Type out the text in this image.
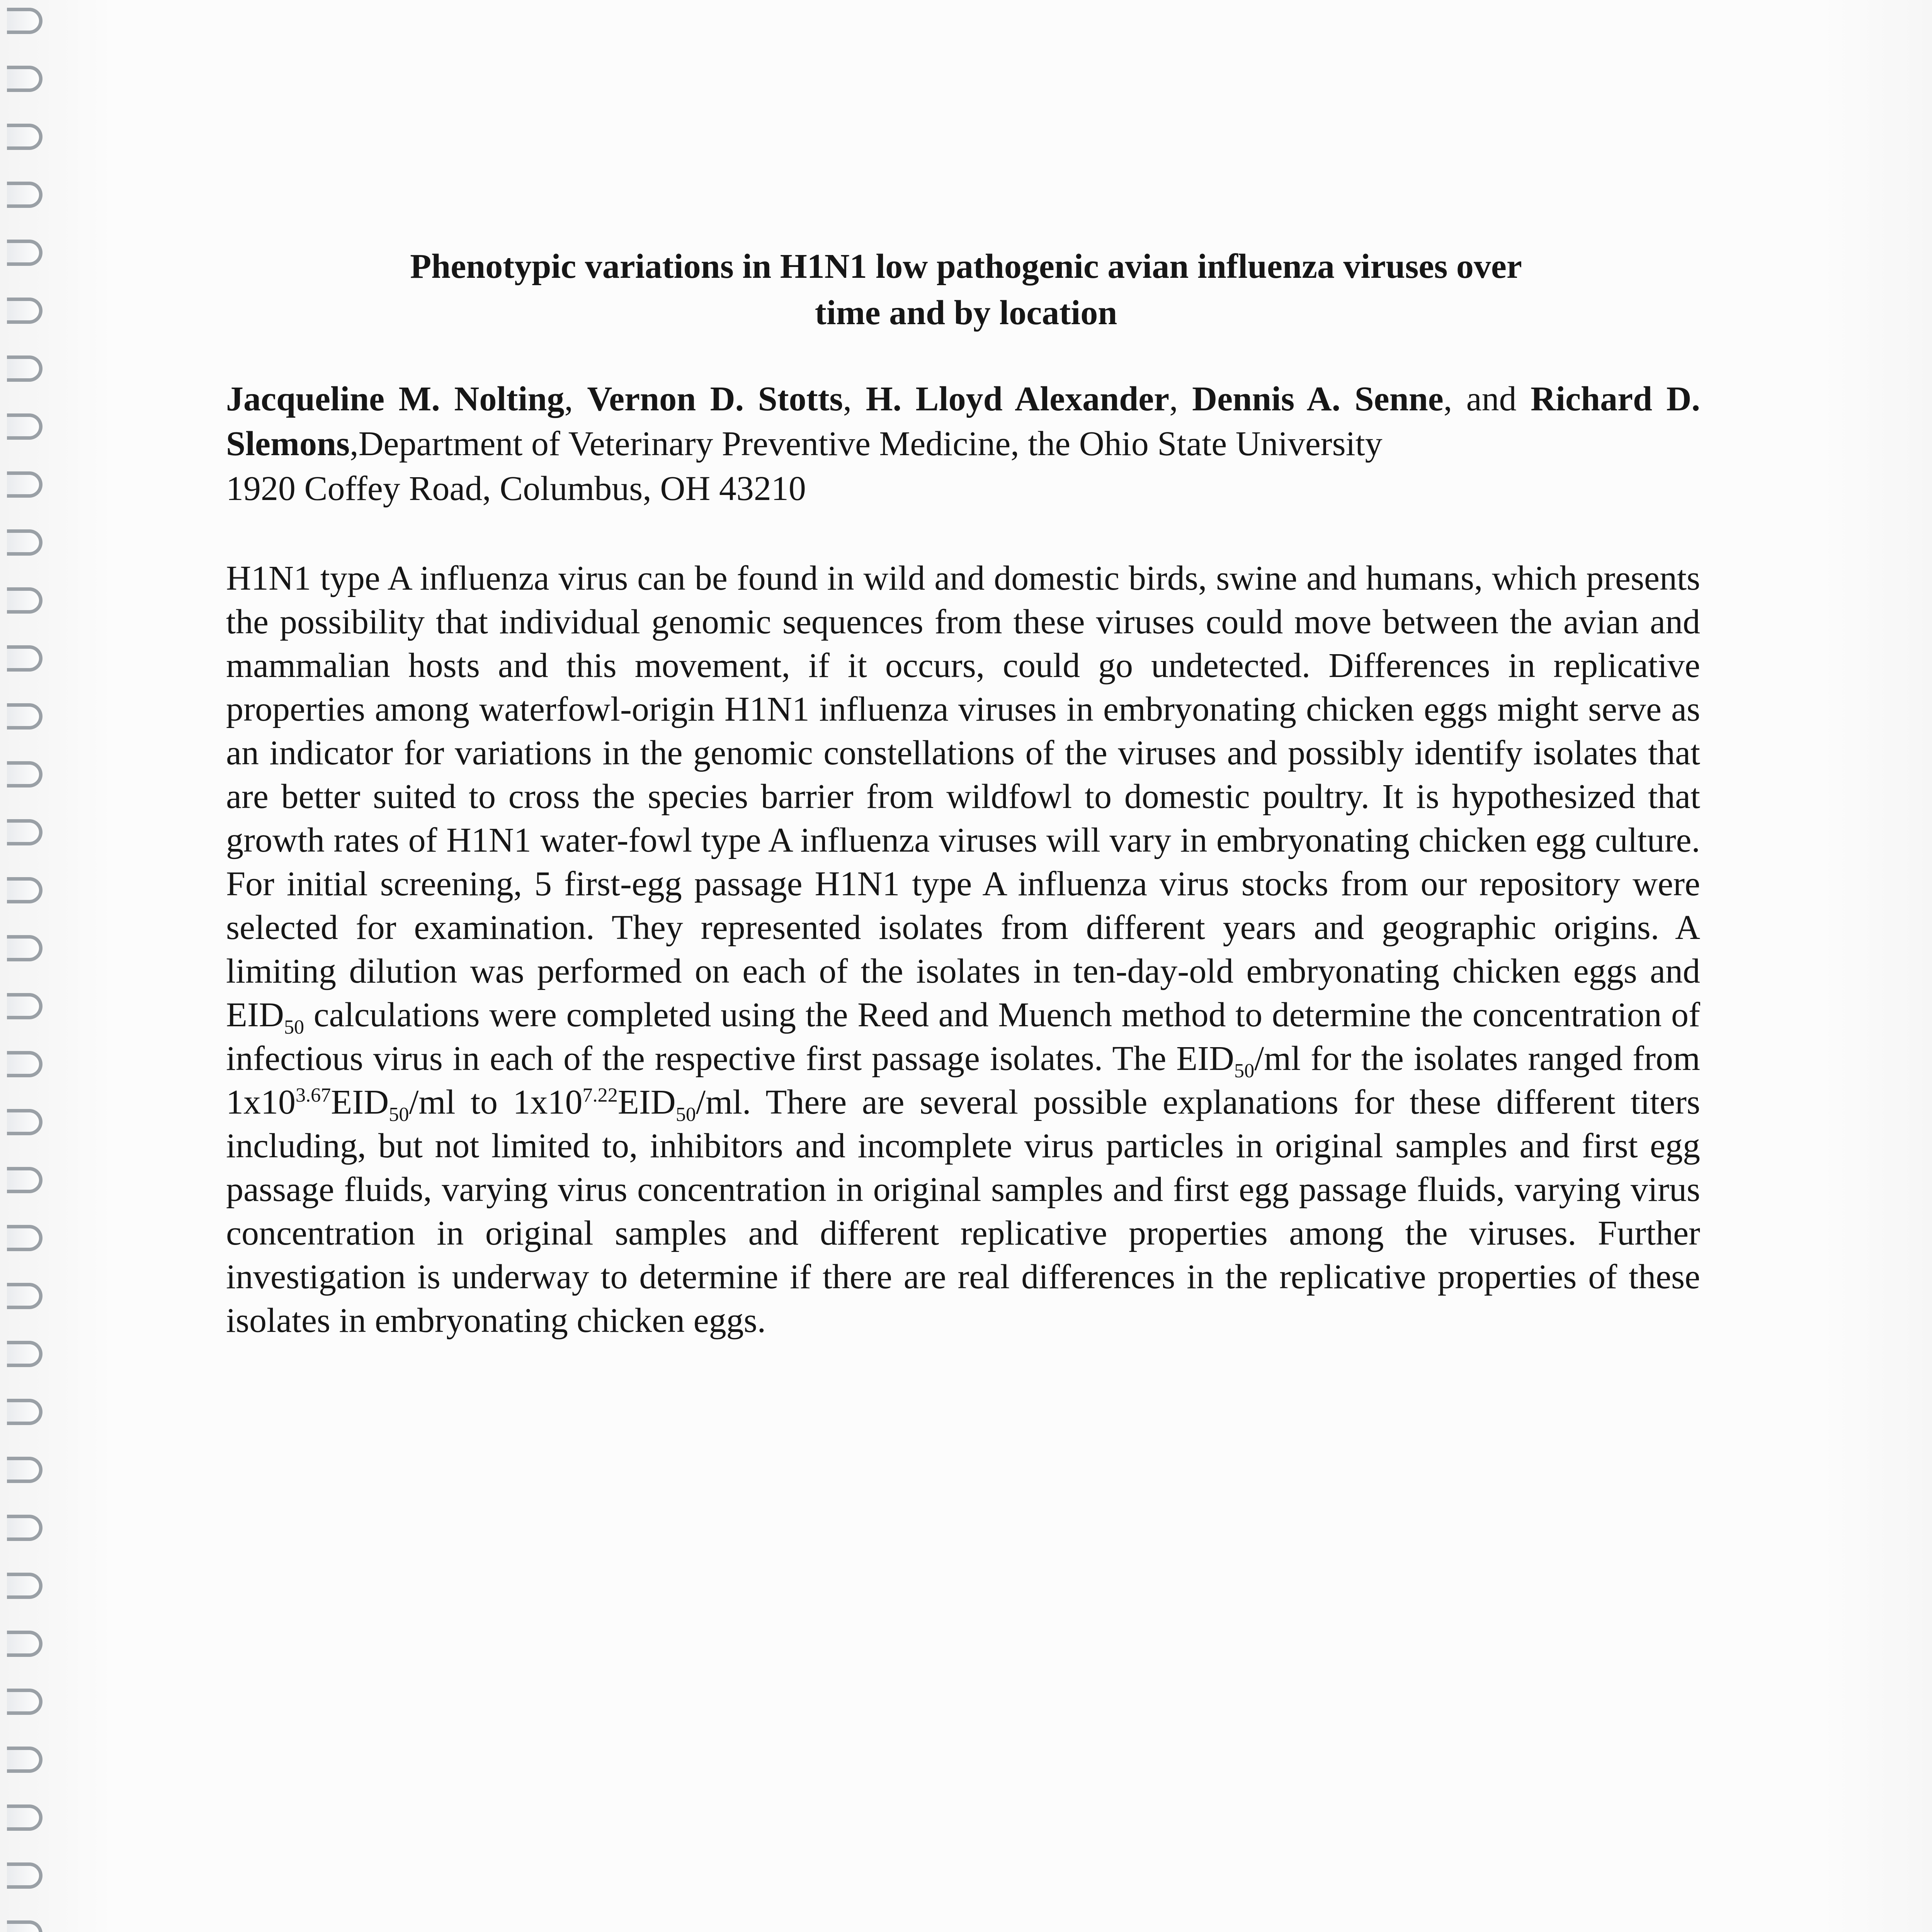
Phenotypic variations in H1N1 low pathogenic avian influenza viruses over
time and by location
Jacqueline M. Nolting, Vernon D. Stotts, H. Lloyd Alexander, Dennis A. Senne, and Richard D. Slemons,Department of Veterinary Preventive Medicine, the Ohio State University
1920 Coffey Road, Columbus, OH 43210
H1N1 type A influenza virus can be found in wild and domestic birds, swine and humans, which presents the possibility that individual genomic sequences from these viruses could move between the avian and mammalian hosts and this movement, if it occurs, could go undetected. Differences in replicative properties among waterfowl-origin H1N1 influenza viruses in embryonating chicken eggs might serve as an indicator for variations in the genomic constellations of the viruses and possibly identify isolates that are better suited to cross the species barrier from wildfowl to domestic poultry. It is hypothesized that growth rates of H1N1 water-fowl type A influenza viruses will vary in embryonating chicken egg culture. For initial screening, 5 first-egg passage H1N1 type A influenza virus stocks from our repository were selected for examination. They represented isolates from different years and geographic origins. A limiting dilution was performed on each of the isolates in ten-day-old embryonating chicken eggs and $EID_{50}$ calculations were completed using the Reed and Muench method to determine the concentration of infectious virus in each of the respective first passage isolates. The $EID_{50}/ml$ for the isolates ranged from $1x10^{3.67}EID_{50}/ml$ to $1x10^{7.22}EID_{50}/ml$. There are several possible explanations for these different titers including, but not limited to, inhibitors and incomplete virus particles in original samples and first egg passage fluids, varying virus concentration in original samples and first egg passage fluids, varying virus concentration in original samples and different replicative properties among the viruses. Further investigation is underway to determine if there are real differences in the replicative properties of these isolates in embryonating chicken eggs.
